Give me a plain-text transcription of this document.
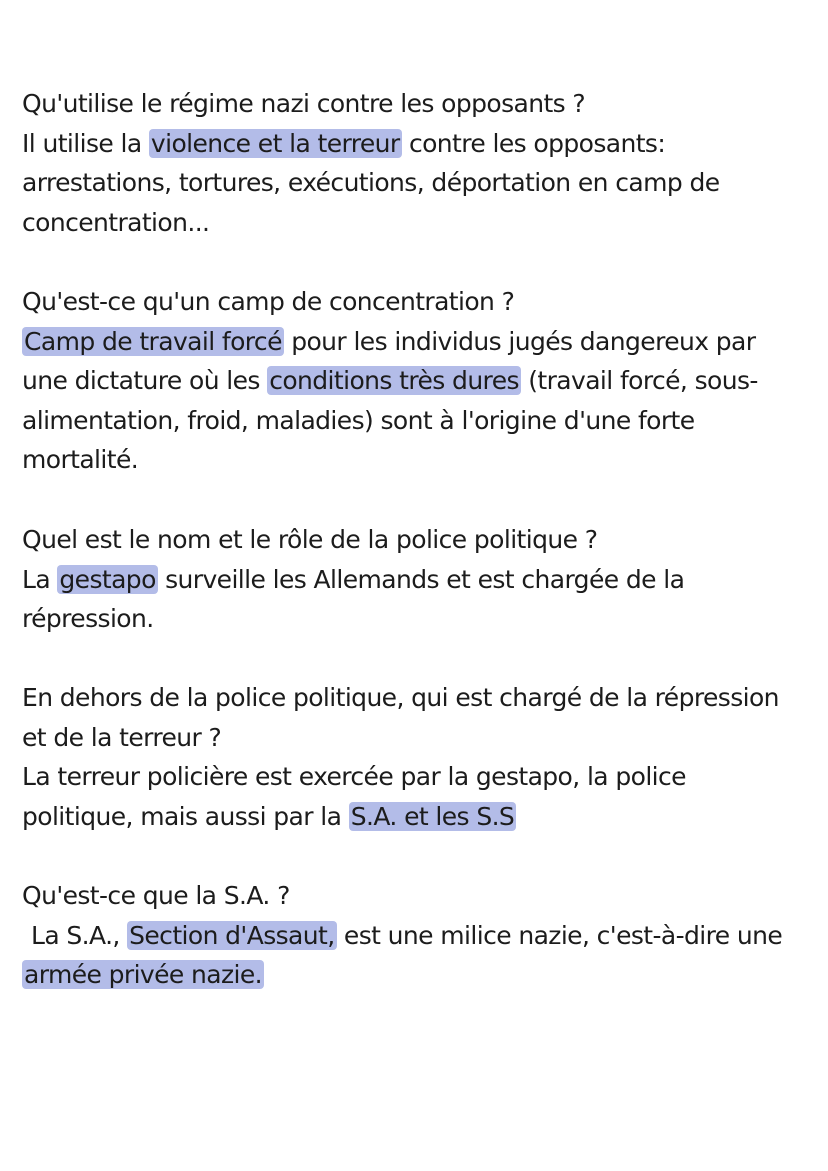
Qu'utilise le régime nazi contre les opposants ?
Il utilise la violence et la terreur contre les opposants:
arrestations, tortures, exécutions, déportation en camp de
concentration...
Qu'est-ce qu'un camp de concentration ?
Camp de travail forcé pour les individus jugés dangereux par
une dictature où les conditions très dures (travail forcé, sous-
alimentation, froid, maladies) sont à l'origine d'une forte
mortalité.
Quel est le nom et le rôle de la police politique ?
La gestapo surveille les Allemands et est chargée de la
répression.
En dehors de la police politique, qui est chargé de la répression
et de la terreur ?
La terreur policière est exercée par la gestapo, la police
politique, mais aussi par la S.A. et les S.S
Qu'est-ce que la S.A. ?
La S.A., Section d'Assaut, est une milice nazie, c'est-à-dire une
armée privée nazie.
